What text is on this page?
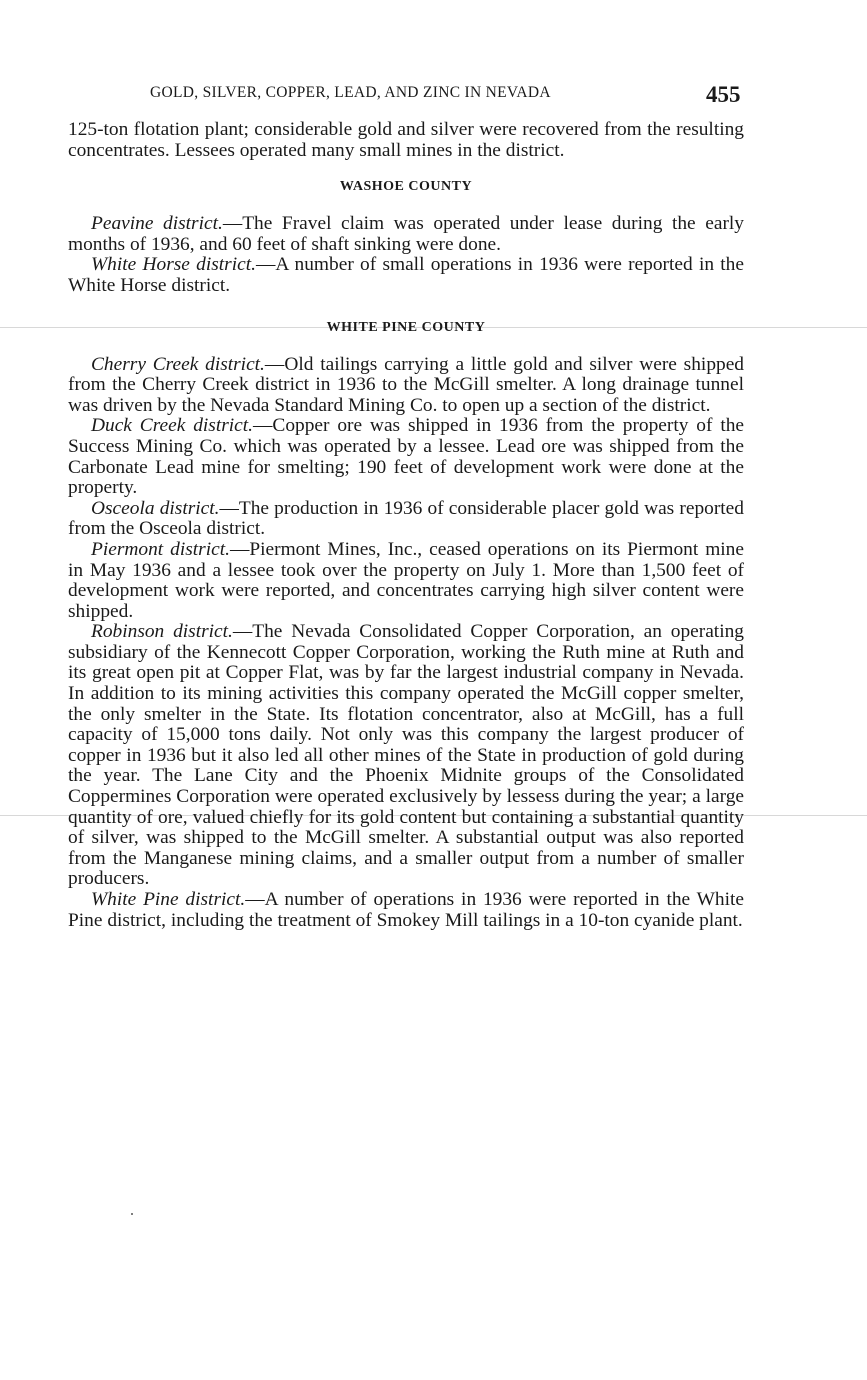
GOLD, SILVER, COPPER, LEAD, AND ZINC IN NEVADA	455

125-ton flotation plant; considerable gold and silver were recovered from the resulting concentrates. Lessees operated many small mines in the district.

WASHOE COUNTY

Peavine district.—The Fravel claim was operated under lease during the early months of 1936, and 60 feet of shaft sinking were done.

White Horse district.—A number of small operations in 1936 were reported in the White Horse district.

WHITE PINE COUNTY

Cherry Creek district.—Old tailings carrying a little gold and silver were shipped from the Cherry Creek district in 1936 to the McGill smelter. A long drainage tunnel was driven by the Nevada Standard Mining Co. to open up a section of the district.

Duck Creek district.—Copper ore was shipped in 1936 from the property of the Success Mining Co. which was operated by a lessee. Lead ore was shipped from the Carbonate Lead mine for smelting; 190 feet of development work were done at the property.

Osceola district.—The production in 1936 of considerable placer gold was reported from the Osceola district.

Piermont district.—Piermont Mines, Inc., ceased operations on its Piermont mine in May 1936 and a lessee took over the property on July 1. More than 1,500 feet of development work were reported, and concentrates carrying high silver content were shipped.

Robinson district.—The Nevada Consolidated Copper Corporation, an operating subsidiary of the Kennecott Copper Corporation, working the Ruth mine at Ruth and its great open pit at Copper Flat, was by far the largest industrial company in Nevada. In addition to its mining activities this company operated the McGill copper smelter, the only smelter in the State. Its flotation concentrator, also at McGill, has a full capacity of 15,000 tons daily. Not only was this company the largest producer of copper in 1936 but it also led all other mines of the State in production of gold during the year. The Lane City and the Phoenix Midnite groups of the Consolidated Coppermines Corporation were operated exclusively by lessess during the year; a large quantity of ore, valued chiefly for its gold content but containing a substantial quantity of silver, was shipped to the McGill smelter. A substantial output was also reported from the Manganese mining claims, and a smaller output from a number of smaller producers.

White Pine district.—A number of operations in 1936 were reported in the White Pine district, including the treatment of Smokey Mill tailings in a 10-ton cyanide plant.
